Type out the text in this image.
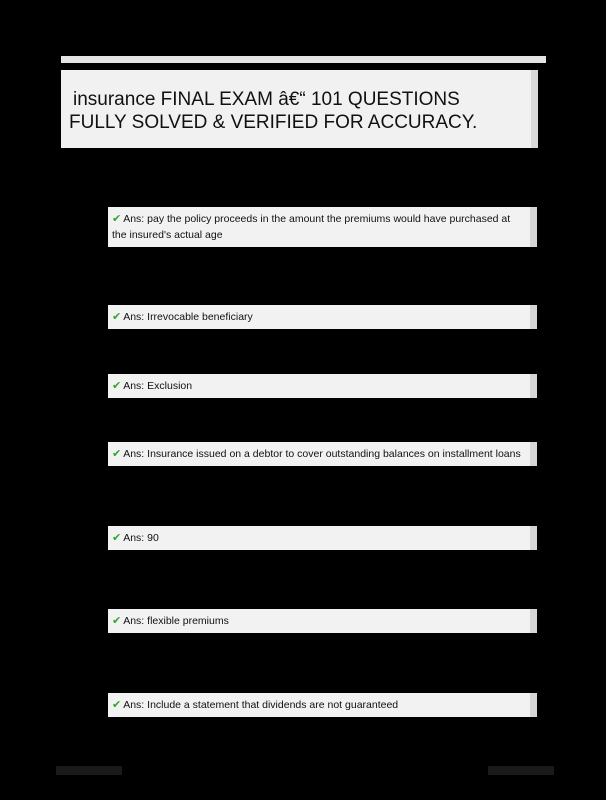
insurance FINAL EXAM â€“ 101 QUESTIONS
FULLY SOLVED & VERIFIED FOR ACCURACY.
✔ Ans: pay the policy proceeds in the amount the premiums would have purchased at the insured's actual age
✔ Ans: Irrevocable beneficiary
✔ Ans: Exclusion
✔ Ans: Insurance issued on a debtor to cover outstanding balances on installment loans
✔ Ans: 90
✔ Ans: flexible premiums
✔ Ans: Include a statement that dividends are not guaranteed
